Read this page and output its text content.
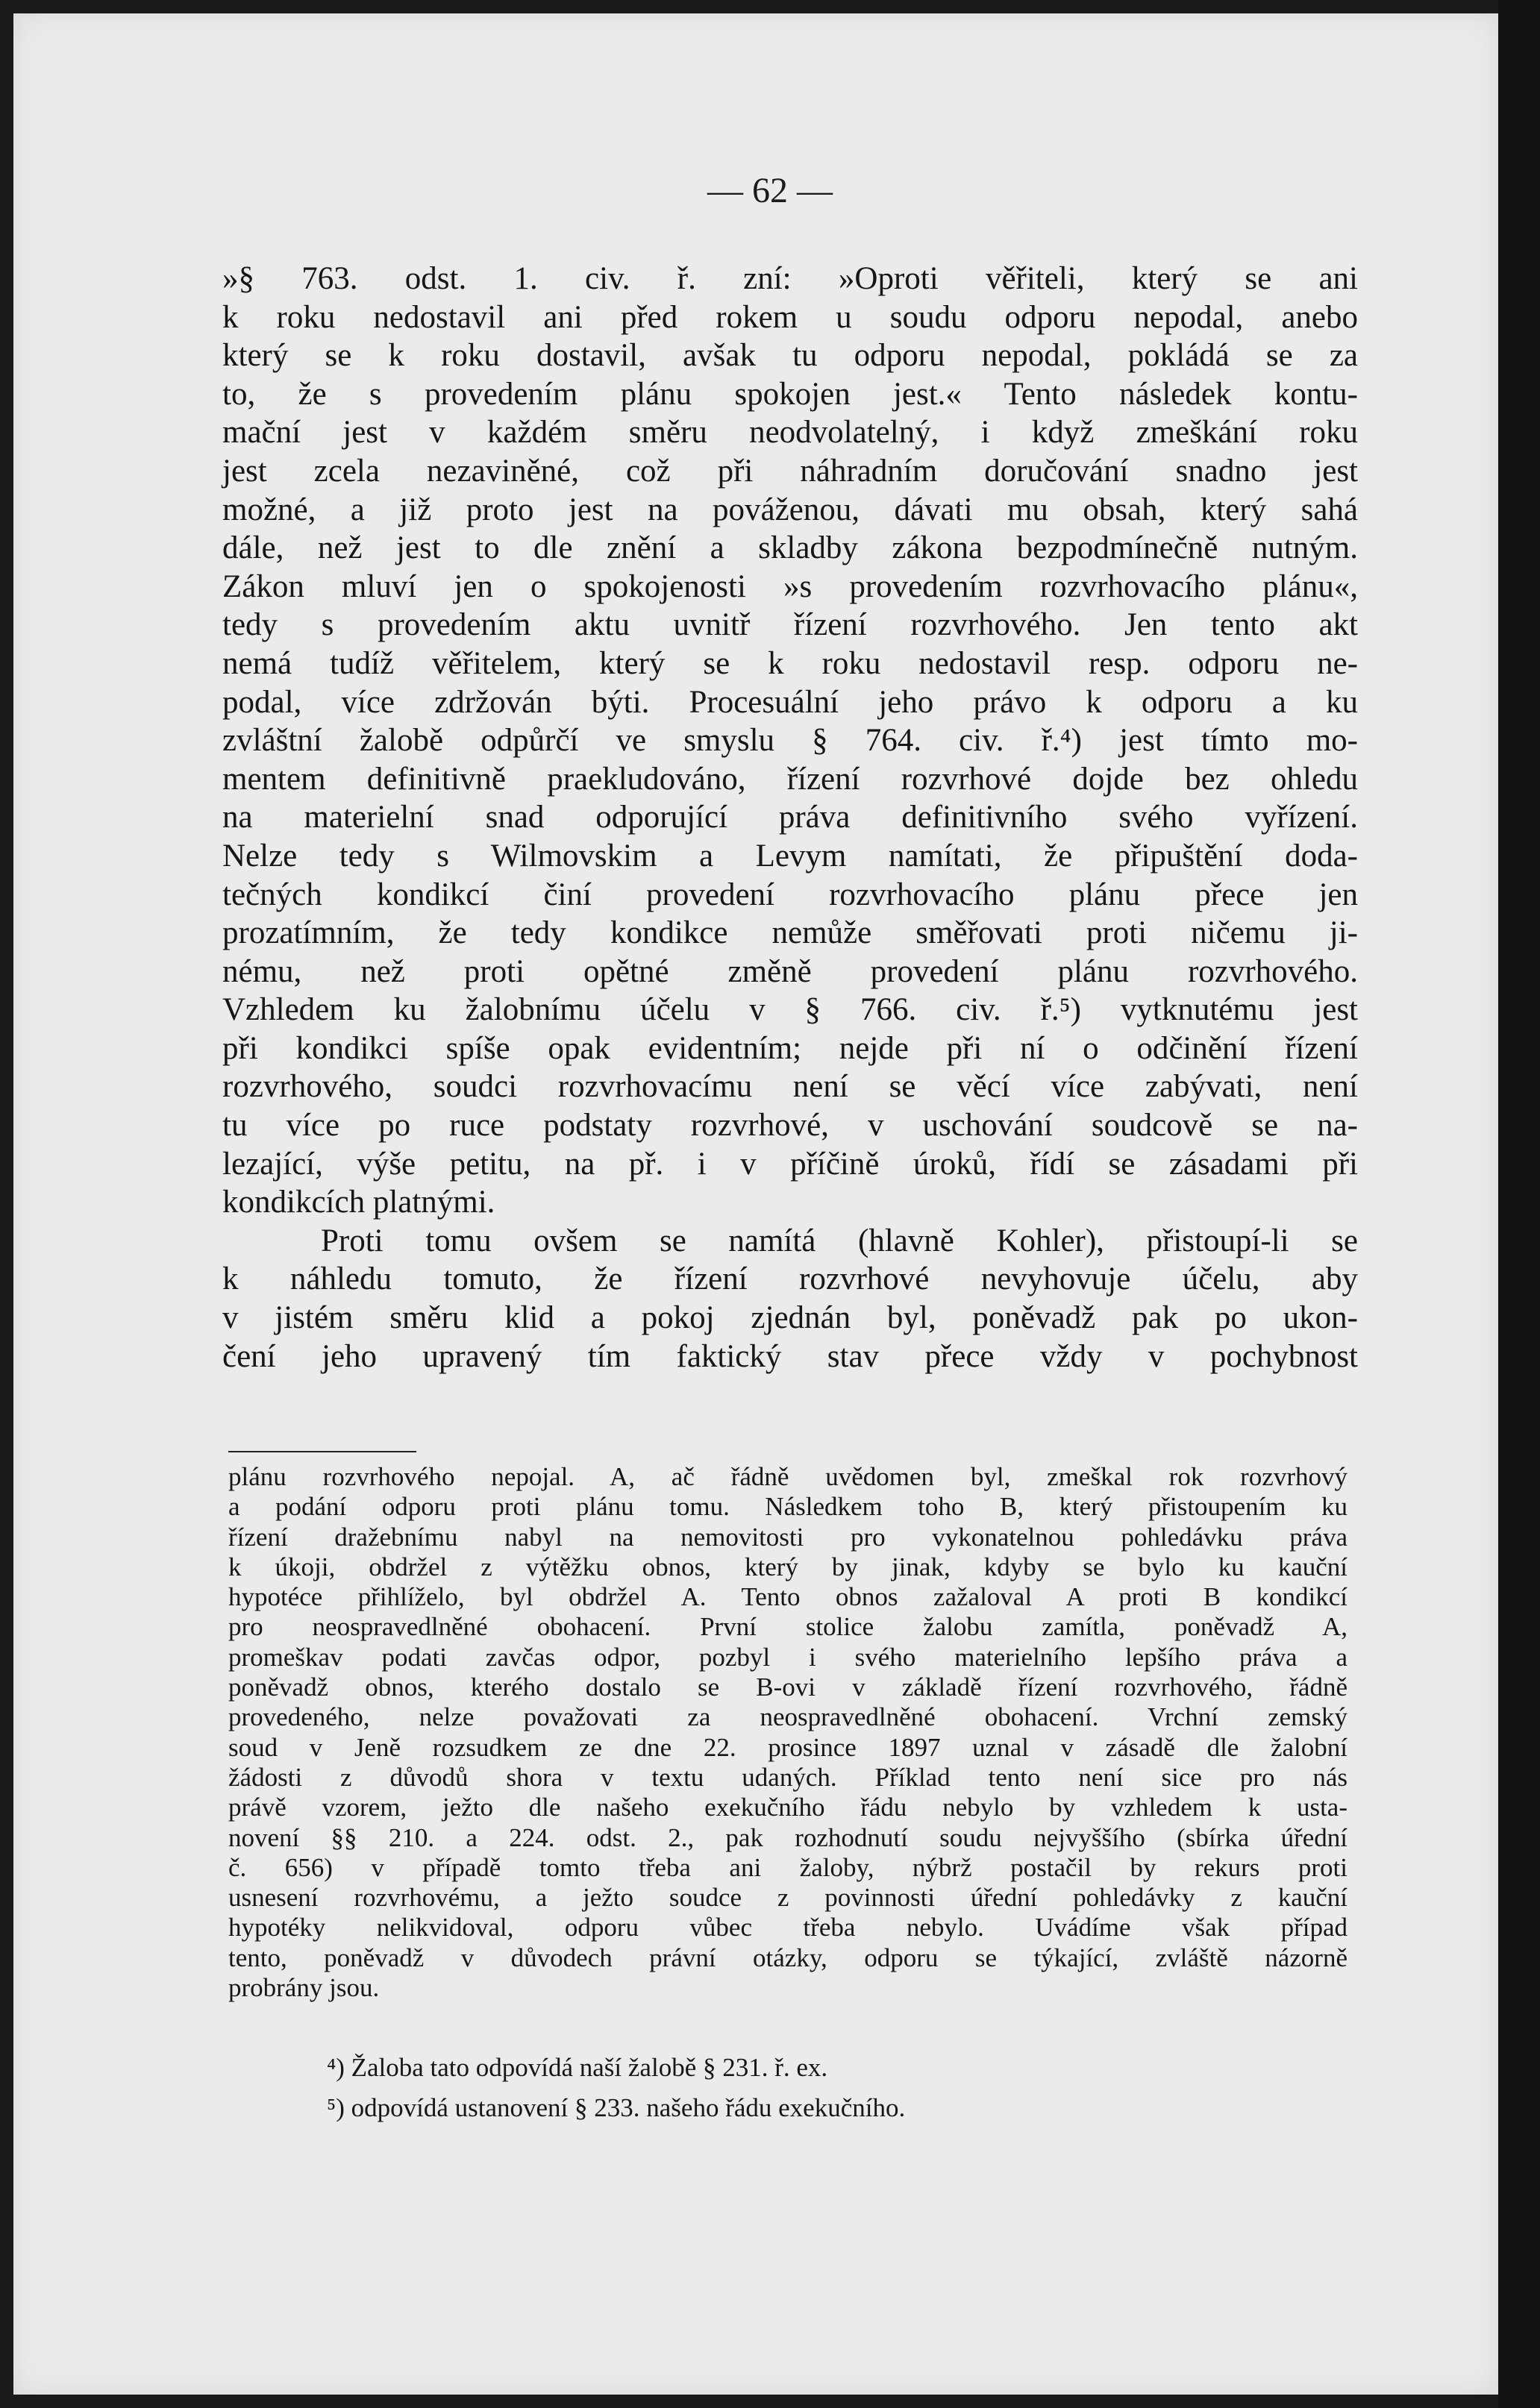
— 62 —
»§ 763. odst. 1. civ. ř. zní: »Oproti věřiteli, který se ani
k roku nedostavil ani před rokem u soudu odporu nepodal, anebo
který se k roku dostavil, avšak tu odporu nepodal, pokládá se za
to, že s provedením plánu spokojen jest.« Tento následek kontu-
mační jest v každém směru neodvolatelný, i když zmeškání roku
jest zcela nezaviněné, což při náhradním doručování snadno jest
možné, a již proto jest na pováženou, dávati mu obsah, který sahá
dále, než jest to dle znění a skladby zákona bezpodmínečně nutným.
Zákon mluví jen o spokojenosti »s provedením rozvrhovacího plánu«,
tedy s provedením aktu uvnitř řízení rozvrhového. Jen tento akt
nemá tudíž věřitelem, který se k roku nedostavil resp. odporu ne-
podal, více zdržován býti. Procesuální jeho právo k odporu a ku
zvláštní žalobě odpůrčí ve smyslu § 764. civ. ř.⁴) jest tímto mo-
mentem definitivně praekludováno, řízení rozvrhové dojde bez ohledu
na materielní snad odporující práva definitivního svého vyřízení.
Nelze tedy s Wilmovskim a Levym namítati, že připuštění doda-
tečných kondikcí činí provedení rozvrhovacího plánu přece jen
prozatímním, že tedy kondikce nemůže směřovati proti ničemu ji-
nému, než proti opětné změně provedení plánu rozvrhového.
Vzhledem ku žalobnímu účelu v § 766. civ. ř.⁵) vytknutému jest
při kondikci spíše opak evidentním; nejde při ní o odčinění řízení
rozvrhového, soudci rozvrhovacímu není se věcí více zabývati, není
tu více po ruce podstaty rozvrhové, v uschování soudcově se na-
lezající, výše petitu, na př. i v příčině úroků, řídí se zásadami při
kondikcích platnými.
Proti tomu ovšem se namítá (hlavně Kohler), přistoupí-li se
k náhledu tomuto, že řízení rozvrhové nevyhovuje účelu, aby
v jistém směru klid a pokoj zjednán byl, poněvadž pak po ukon-
čení jeho upravený tím faktický stav přece vždy v pochybnost
plánu rozvrhového nepojal. A, ač řádně uvědomen byl, zmeškal rok rozvrhový
a podání odporu proti plánu tomu. Následkem toho B, který přistoupením ku
řízení dražebnímu nabyl na nemovitosti pro vykonatelnou pohledávku práva
k úkoji, obdržel z výtěžku obnos, který by jinak, kdyby se bylo ku kauční
hypotéce přihlíželo, byl obdržel A. Tento obnos zažaloval A proti B kondikcí
pro neospravedlněné obohacení. První stolice žalobu zamítla, poněvadž A,
promeškav podati zavčas odpor, pozbyl i svého materielního lepšího práva a
poněvadž obnos, kterého dostalo se B-ovi v základě řízení rozvrhového, řádně
provedeného, nelze považovati za neospravedlněné obohacení. Vrchní zemský
soud v Jeně rozsudkem ze dne 22. prosince 1897 uznal v zásadě dle žalobní
žádosti z důvodů shora v textu udaných. Příklad tento není sice pro nás
právě vzorem, ježto dle našeho exekučního řádu nebylo by vzhledem k usta-
novení §§ 210. a 224. odst. 2., pak rozhodnutí soudu nejvyššího (sbírka úřední
č. 656) v případě tomto třeba ani žaloby, nýbrž postačil by rekurs proti
usnesení rozvrhovému, a ježto soudce z povinnosti úřední pohledávky z kauční
hypotéky nelikvidoval, odporu vůbec třeba nebylo. Uvádíme však případ
tento, poněvadž v důvodech právní otázky, odporu se týkající, zvláště názorně
probrány jsou.
⁴) Žaloba tato odpovídá naší žalobě § 231. ř. ex.
⁵) odpovídá ustanovení § 233. našeho řádu exekučního.
